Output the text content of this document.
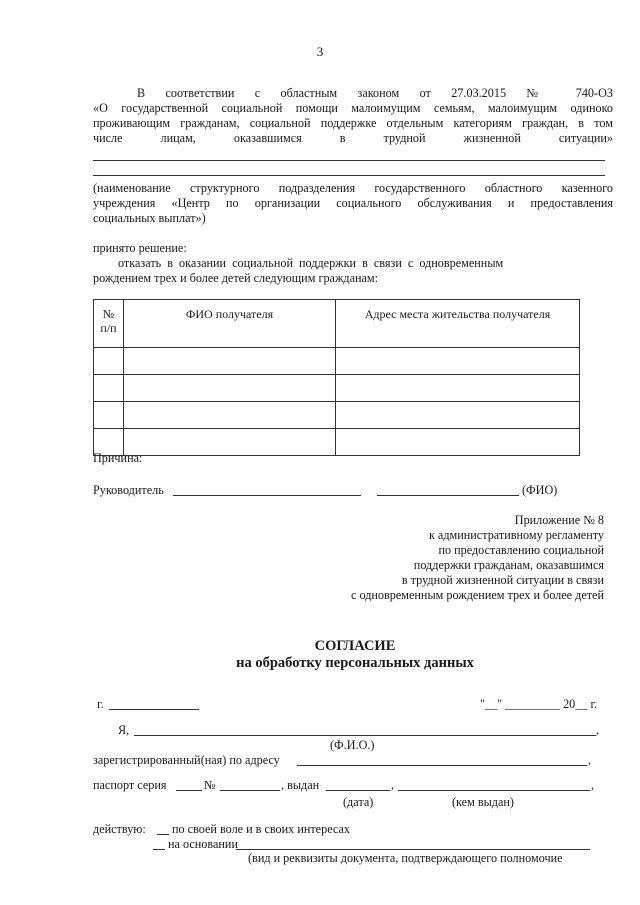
3
В соответствии с областным законом от 27.03.2015 № 740-ОЗ
«О государственной социальной помощи малоимущим семьям, малоимущим одиноко
проживающим гражданам, социальной поддержке отдельным категориям граждан, в том
числе лицам, оказавшимся в трудной жизненной ситуации»
(наименование структурного подразделения государственного областного казенного
учреждения «Центр по организации социального обслуживания и предоставления
социальных выплат»)
принято решение:
отказать в оказании социальной поддержки в связи с одновременным
рождением трех и более детей следующим гражданам:
№ п/п	ФИО получателя	Адрес места жительства получателя

Причина:
Руководитель	(ФИО)
Приложение № 8
к административному регламенту
по предоставлению социальной
поддержки гражданам, оказавшимся
в трудной жизненной ситуации в связи
с одновременным рождением трех и более детей
СОГЛАСИЕ
на обработку персональных данных
г.	"__" _________ 20__ г.
Я,	,
(Ф.И.О.)
зарегистрированный(ная) по адресу	,
паспорт серия	№	, выдан	,	,
(дата)	(кем выдан)
действую: по своей воле и в своих интересах
на основании
(вид и реквизиты документа, подтверждающего полномочие
